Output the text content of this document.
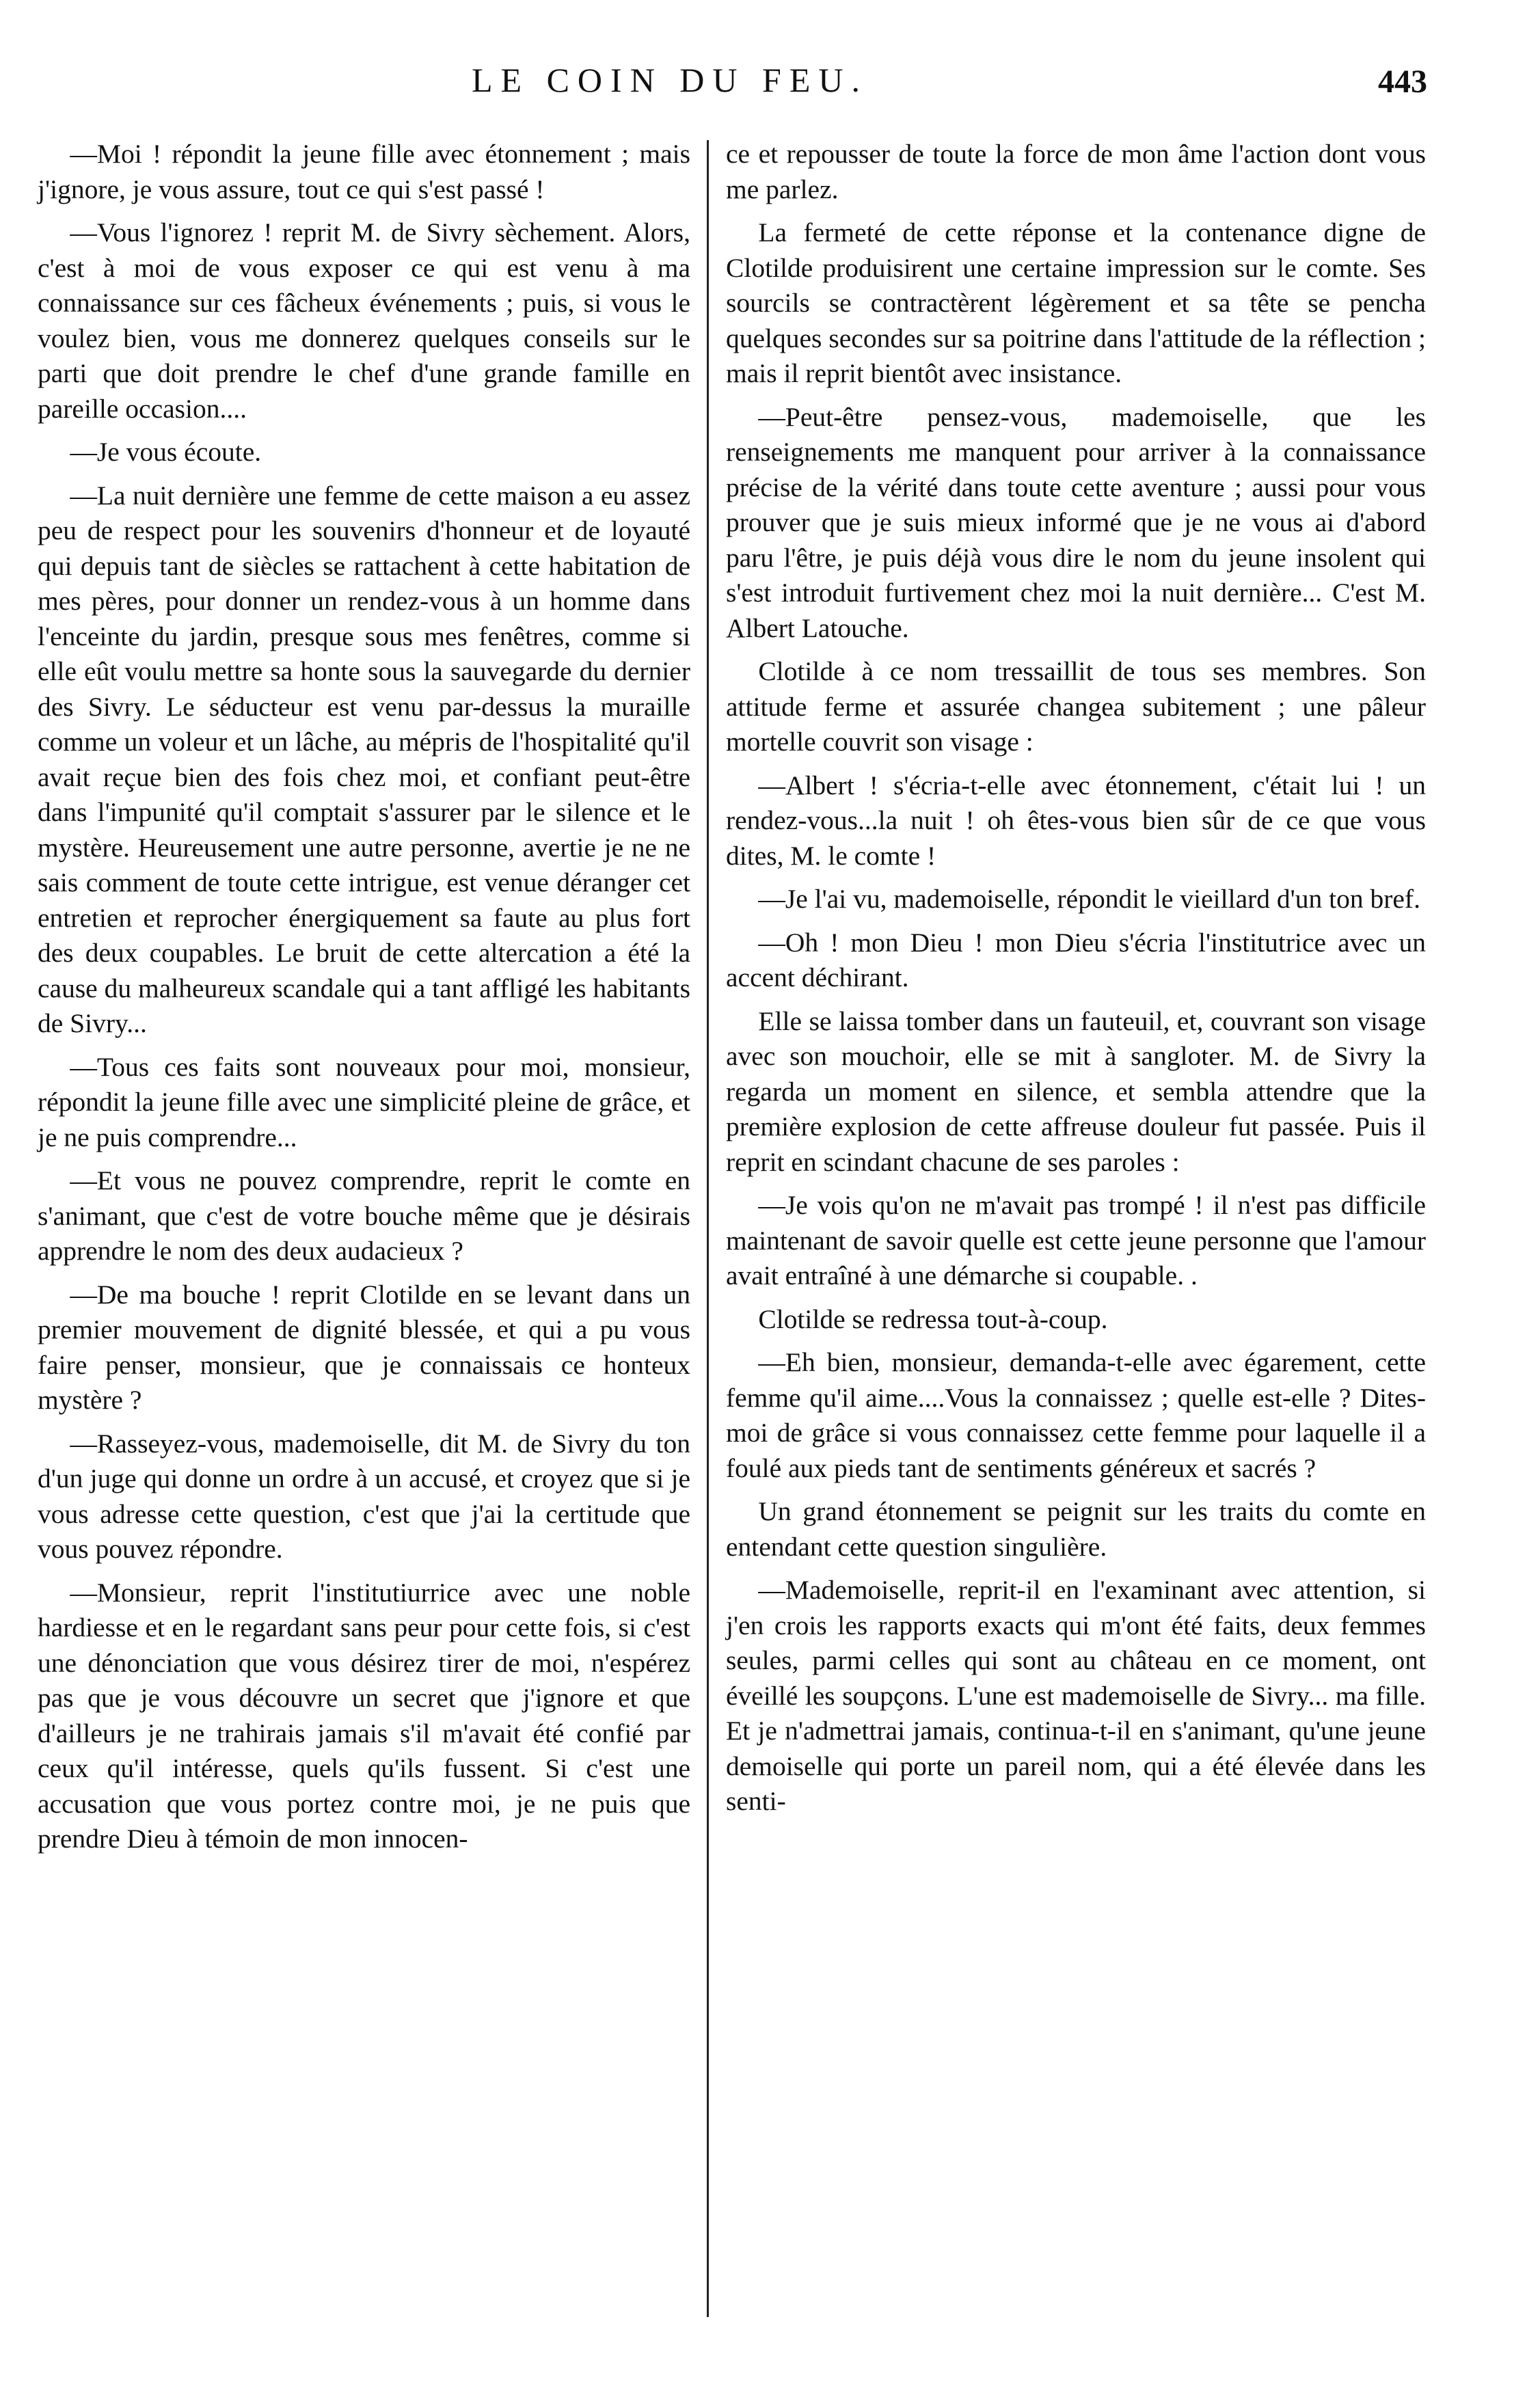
LE COIN DU FEU.	443

—Moi ! répondit la jeune fille avec étonnement ; mais j'ignore, je vous assure, tout ce qui s'est passé !

—Vous l'ignorez ! reprit M. de Sivry sèchement. Alors, c'est à moi de vous exposer ce qui est venu à ma connaissance sur ces fâcheux événements ; puis, si vous le voulez bien, vous me donnerez quelques conseils sur le parti que doit prendre le chef d'une grande famille en pareille occasion....

—Je vous écoute.

—La nuit dernière une femme de cette maison a eu assez peu de respect pour les souvenirs d'honneur et de loyauté qui depuis tant de siècles se rattachent à cette habitation de mes pères, pour donner un rendez-vous à un homme dans l'enceinte du jardin, presque sous mes fenêtres, comme si elle eût voulu mettre sa honte sous la sauvegarde du dernier des Sivry. Le séducteur est venu par-dessus la muraille comme un voleur et un lâche, au mépris de l'hospitalité qu'il avait reçue bien des fois chez moi, et confiant peut-être dans l'impunité qu'il comptait s'assurer par le silence et le mystère. Heureusement une autre personne, avertie je ne ne sais comment de toute cette intrigue, est venue déranger cet entretien et reprocher énergiquement sa faute au plus fort des deux coupables. Le bruit de cette altercation a été la cause du malheureux scandale qui a tant affligé les habitants de Sivry...

—Tous ces faits sont nouveaux pour moi, monsieur, répondit la jeune fille avec une simplicité pleine de grâce, et je ne puis comprendre...

—Et vous ne pouvez comprendre, reprit le comte en s'animant, que c'est de votre bouche même que je désirais apprendre le nom des deux audacieux ?

—De ma bouche ! reprit Clotilde en se levant dans un premier mouvement de dignité blessée, et qui a pu vous faire penser, monsieur, que je connaissais ce honteux mystère ?

—Rasseyez-vous, mademoiselle, dit M. de Sivry du ton d'un juge qui donne un ordre à un accusé, et croyez que si je vous adresse cette question, c'est que j'ai la certitude que vous pouvez répondre.

—Monsieur, reprit l'institutiurrice avec une noble hardiesse et en le regardant sans peur pour cette fois, si c'est une dénonciation que vous désirez tirer de moi, n'espérez pas que je vous découvre un secret que j'ignore et que d'ailleurs je ne trahirais jamais s'il m'avait été confié par ceux qu'il intéresse, quels qu'ils fussent. Si c'est une accusation que vous portez contre moi, je ne puis que prendre Dieu à témoin de mon innocen-

ce et repousser de toute la force de mon âme l'action dont vous me parlez.

La fermeté de cette réponse et la contenance digne de Clotilde produisirent une certaine impression sur le comte. Ses sourcils se contractèrent légèrement et sa tête se pencha quelques secondes sur sa poitrine dans l'attitude de la réflection ; mais il reprit bientôt avec insistance.

—Peut-être pensez-vous, mademoiselle, que les renseignements me manquent pour arriver à la connaissance précise de la vérité dans toute cette aventure ; aussi pour vous prouver que je suis mieux informé que je ne vous ai d'abord paru l'être, je puis déjà vous dire le nom du jeune insolent qui s'est introduit furtivement chez moi la nuit dernière... C'est M. Albert Latouche.

Clotilde à ce nom tressaillit de tous ses membres. Son attitude ferme et assurée changea subitement ; une pâleur mortelle couvrit son visage :

—Albert ! s'écria-t-elle avec étonnement, c'était lui ! un rendez-vous...la nuit ! oh êtes-vous bien sûr de ce que vous dites, M. le comte !

—Je l'ai vu, mademoiselle, répondit le vieillard d'un ton bref.

—Oh ! mon Dieu ! mon Dieu s'écria l'institutrice avec un accent déchirant.

Elle se laissa tomber dans un fauteuil, et, couvrant son visage avec son mouchoir, elle se mit à sangloter. M. de Sivry la regarda un moment en silence, et sembla attendre que la première explosion de cette affreuse douleur fut passée. Puis il reprit en scindant chacune de ses paroles :

—Je vois qu'on ne m'avait pas trompé ! il n'est pas difficile maintenant de savoir quelle est cette jeune personne que l'amour avait entraîné à une démarche si coupable. .

Clotilde se redressa tout-à-coup.

—Eh bien, monsieur, demanda-t-elle avec égarement, cette femme qu'il aime....Vous la connaissez ; quelle est-elle ? Dites-moi de grâce si vous connaissez cette femme pour laquelle il a foulé aux pieds tant de sentiments généreux et sacrés ?

Un grand étonnement se peignit sur les traits du comte en entendant cette question singulière.

—Mademoiselle, reprit-il en l'examinant avec attention, si j'en crois les rapports exacts qui m'ont été faits, deux femmes seules, parmi celles qui sont au château en ce moment, ont éveillé les soupçons. L'une est mademoiselle de Sivry... ma fille. Et je n'admettrai jamais, continua-t-il en s'animant, qu'une jeune demoiselle qui porte un pareil nom, qui a été élevée dans les senti-
